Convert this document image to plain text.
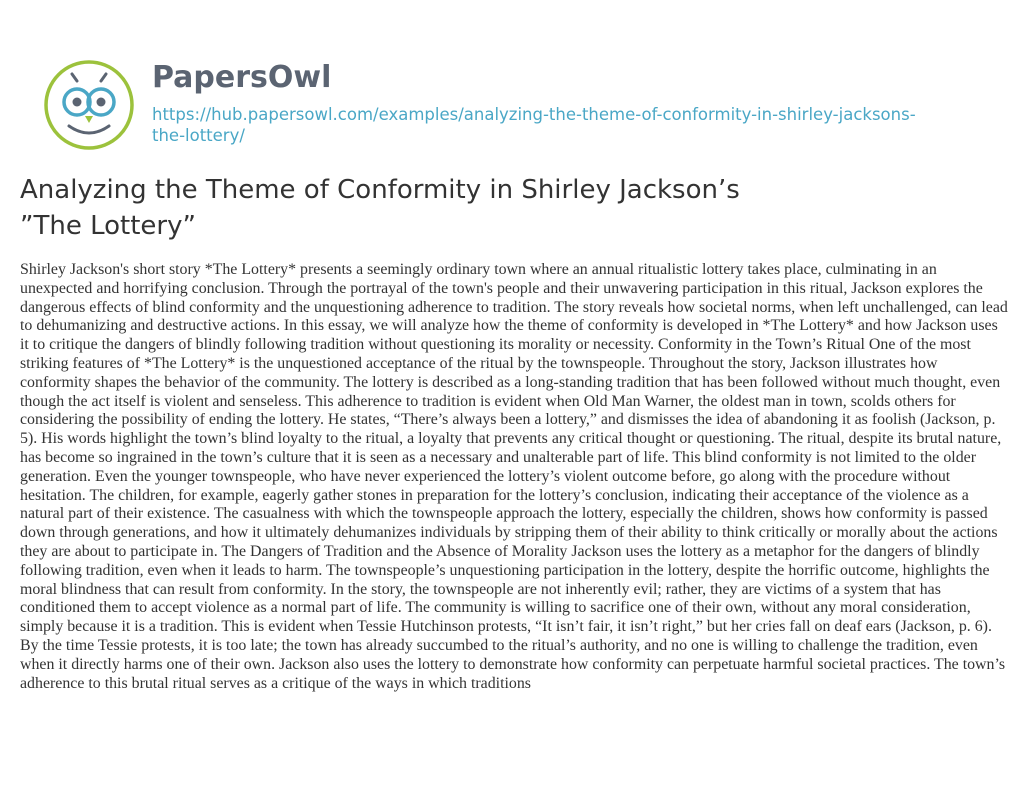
PapersOwl
https://hub.papersowl.com/examples/analyzing-the-theme-of-conformity-in-shirley-jacksons-the-lottery/
Analyzing the Theme of Conformity in Shirley Jackson’s ”The Lottery”

Shirley Jackson's short story *The Lottery* presents a seemingly ordinary town where an annual ritualistic lottery takes place, culminating in an unexpected and horrifying conclusion. Through the portrayal of the town's people and their unwavering participation in this ritual, Jackson explores the dangerous effects of blind conformity and the unquestioning adherence to tradition. The story reveals how societal norms, when left unchallenged, can lead to dehumanizing and destructive actions. In this essay, we will analyze how the theme of conformity is developed in *The Lottery* and how Jackson uses it to critique the dangers of blindly following tradition without questioning its morality or necessity. Conformity in the Town’s Ritual One of the most striking features of *The Lottery* is the unquestioned acceptance of the ritual by the townspeople. Throughout the story, Jackson illustrates how conformity shapes the behavior of the community. The lottery is described as a long-standing tradition that has been followed without much thought, even though the act itself is violent and senseless. This adherence to tradition is evident when Old Man Warner, the oldest man in town, scolds others for considering the possibility of ending the lottery. He states, “There’s always been a lottery,” and dismisses the idea of abandoning it as foolish (Jackson, p. 5). His words highlight the town’s blind loyalty to the ritual, a loyalty that prevents any critical thought or questioning. The ritual, despite its brutal nature, has become so ingrained in the town’s culture that it is seen as a necessary and unalterable part of life. This blind conformity is not limited to the older generation. Even the younger townspeople, who have never experienced the lottery’s violent outcome before, go along with the procedure without hesitation. The children, for example, eagerly gather stones in preparation for the lottery’s conclusion, indicating their acceptance of the violence as a natural part of their existence. The casualness with which the townspeople approach the lottery, especially the children, shows how conformity is passed down through generations, and how it ultimately dehumanizes individuals by stripping them of their ability to think critically or morally about the actions they are about to participate in. The Dangers of Tradition and the Absence of Morality Jackson uses the lottery as a metaphor for the dangers of blindly following tradition, even when it leads to harm. The townspeople’s unquestioning participation in the lottery, despite the horrific outcome, highlights the moral blindness that can result from conformity. In the story, the townspeople are not inherently evil; rather, they are victims of a system that has conditioned them to accept violence as a normal part of life. The community is willing to sacrifice one of their own, without any moral consideration, simply because it is a tradition. This is evident when Tessie Hutchinson protests, “It isn’t fair, it isn’t right,” but her cries fall on deaf ears (Jackson, p. 6). By the time Tessie protests, it is too late; the town has already succumbed to the ritual’s authority, and no one is willing to challenge the tradition, even when it directly harms one of their own. Jackson also uses the lottery to demonstrate how conformity can perpetuate harmful societal practices. The town’s adherence to this brutal ritual serves as a critique of the ways in which traditions
